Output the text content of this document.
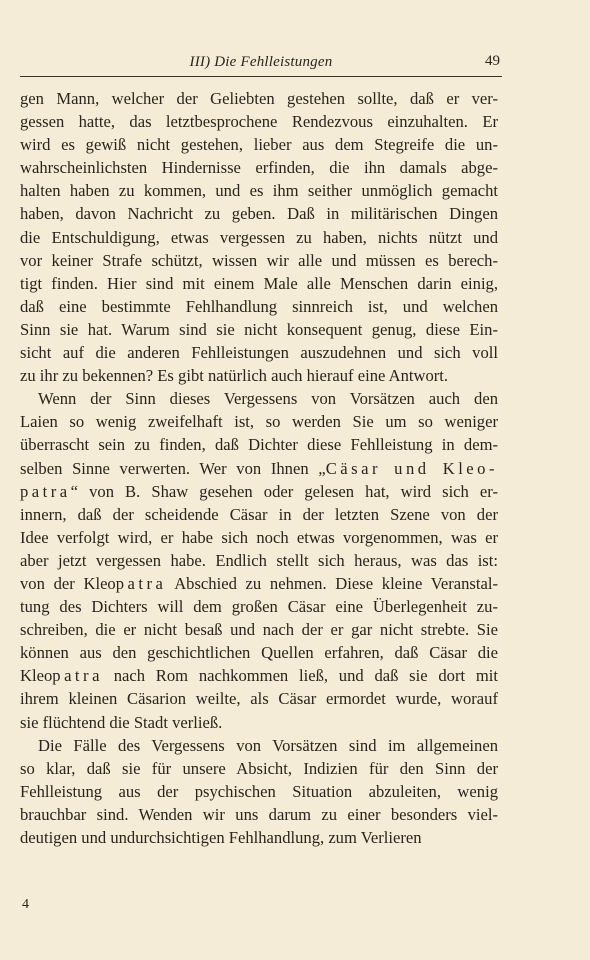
III) Die Fehlleistungen	49
gen Mann, welcher der Geliebten gestehen sollte, daß er ver-
gessen hatte, das letztbesprochene Rendezvous einzuhalten. Er
wird es gewiß nicht gestehen, lieber aus dem Stegreife die un-
wahrscheinlichsten Hindernisse erfinden, die ihn damals abge-
halten haben zu kommen, und es ihm seither unmöglich gemacht
haben, davon Nachricht zu geben. Daß in militärischen Dingen
die Entschuldigung, etwas vergessen zu haben, nichts nützt und
vor keiner Strafe schützt, wissen wir alle und müssen es berech-
tigt finden. Hier sind mit einem Male alle Menschen darin einig,
daß eine bestimmte Fehlhandlung sinnreich ist, und welchen
Sinn sie hat. Warum sind sie nicht konsequent genug, diese Ein-
sicht auf die anderen Fehlleistungen auszudehnen und sich voll
zu ihr zu bekennen? Es gibt natürlich auch hierauf eine Antwort.
Wenn der Sinn dieses Vergessens von Vorsätzen auch den
Laien so wenig zweifelhaft ist, so werden Sie um so weniger
überrascht sein zu finden, daß Dichter diese Fehlleistung in dem-
selben Sinne verwerten. Wer von Ihnen „Cäsar und Kleo-
patra“ von B. Shaw gesehen oder gelesen hat, wird sich er-
innern, daß der scheidende Cäsar in der letzten Szene von der
Idee verfolgt wird, er habe sich noch etwas vorgenommen, was er
aber jetzt vergessen habe. Endlich stellt sich heraus, was das ist:
von der Kleopatra Abschied zu nehmen. Diese kleine Veranstal-
tung des Dichters will dem großen Cäsar eine Überlegenheit zu-
schreiben, die er nicht besaß und nach der er gar nicht strebte. Sie
können aus den geschichtlichen Quellen erfahren, daß Cäsar die
Kleopatra nach Rom nachkommen ließ, und daß sie dort mit
ihrem kleinen Cäsarion weilte, als Cäsar ermordet wurde, worauf
sie flüchtend die Stadt verließ.
Die Fälle des Vergessens von Vorsätzen sind im allgemeinen
so klar, daß sie für unsere Absicht, Indizien für den Sinn der
Fehlleistung aus der psychischen Situation abzuleiten, wenig
brauchbar sind. Wenden wir uns darum zu einer besonders viel-
deutigen und undurchsichtigen Fehlhandlung, zum Verlieren
4
